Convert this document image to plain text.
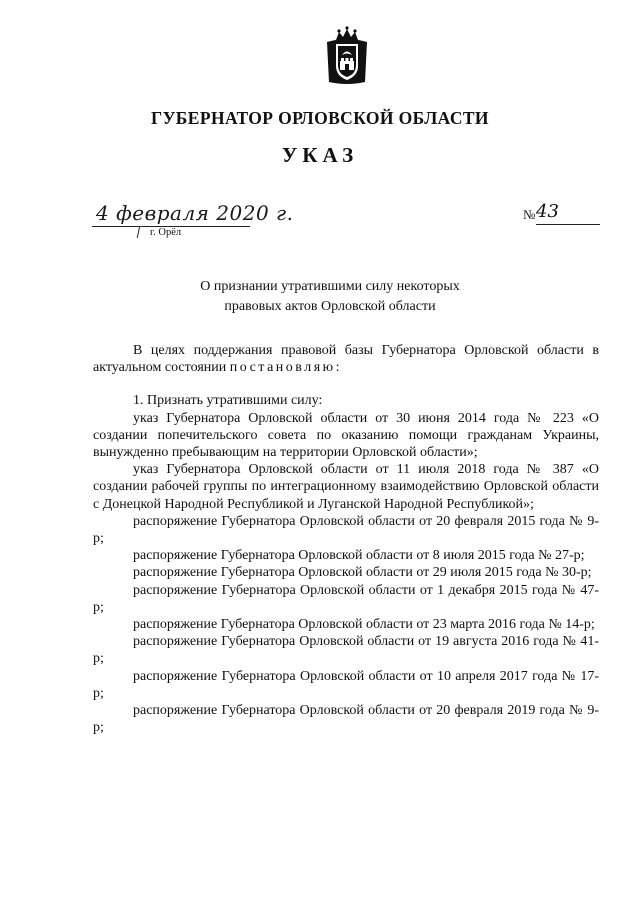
ГУБЕРНАТОР ОРЛОВСКОЙ ОБЛАСТИ
УКАЗ
4 февраля 2020 г.
г. Орёл
№ 43
О признании утратившими силу некоторых
правовых актов Орловской области

В целях поддержания правовой базы Губернатора Орловской области в актуальном состоянии постановляю:

1. Признать утратившими силу:

указ Губернатора Орловской области от 30 июня 2014 года № 223 «О создании попечительского совета по оказанию помощи гражданам Украины, вынужденно пребывающим на территории Орловской области»;

указ Губернатора Орловской области от 11 июля 2018 года № 387 «О создании рабочей группы по интеграционному взаимодействию Орловской области с Донецкой Народной Республикой и Луганской Народной Республикой»;

распоряжение Губернатора Орловской области от 20 февраля 2015 года № 9-р;

распоряжение Губернатора Орловской области от 8 июля 2015 года № 27-р;

распоряжение Губернатора Орловской области от 29 июля 2015 года № 30-р;

распоряжение Губернатора Орловской области от 1 декабря 2015 года № 47-р;

распоряжение Губернатора Орловской области от 23 марта 2016 года № 14-р;

распоряжение Губернатора Орловской области от 19 августа 2016 года № 41-р;

распоряжение Губернатора Орловской области от 10 апреля 2017 года № 17-р;

распоряжение Губернатора Орловской области от 20 февраля 2019 года № 9-р;
